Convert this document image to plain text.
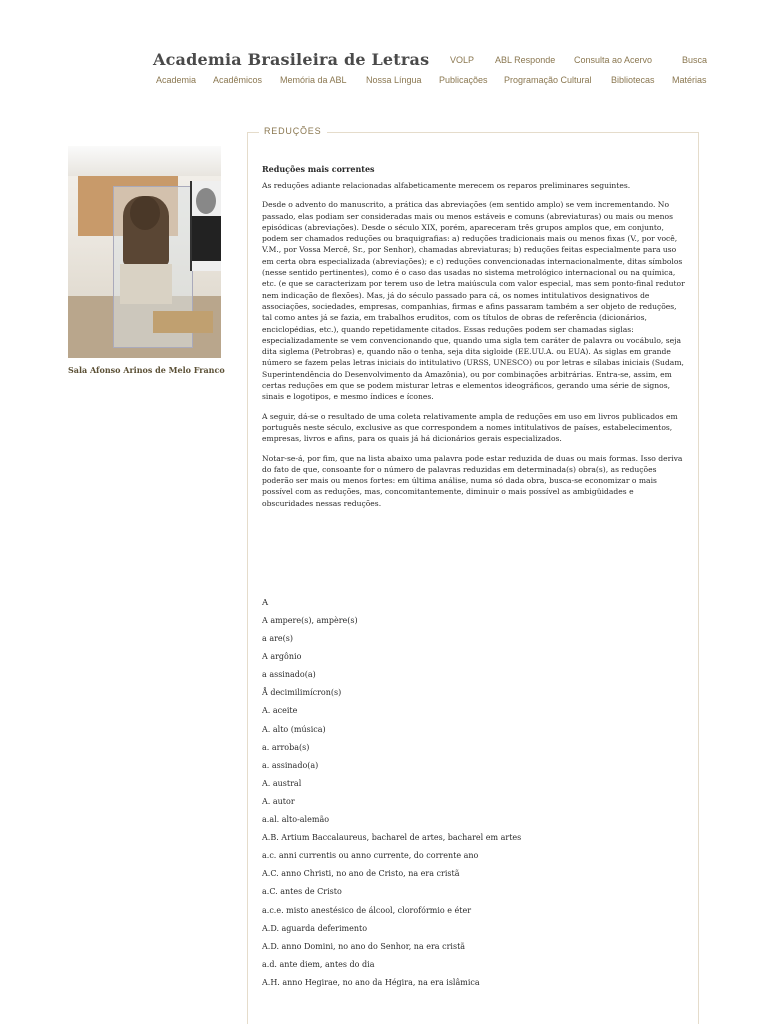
Academia Brasileira de Letras VOLP ABL Responde Consulta ao Acervo	Busca
Academia Acadêmicos Memória da ABL Nossa Língua Publicações Programação Cultural Bibliotecas Matérias
Sala Afonso Arinos de Melo Franco
REDUÇÕES
Reduções mais correntes

As reduções adiante relacionadas alfabeticamente merecem os reparos preliminares seguintes.

Desde o advento do manuscrito, a prática das abreviações (em sentido amplo) se vem incrementando. No passado, elas podiam ser consideradas mais ou menos estáveis e comuns (abreviaturas) ou mais ou menos episódicas (abreviações). Desde o século XIX, porém, apareceram três grupos amplos que, em conjunto, podem ser chamados reduções ou braquigrafias: a) reduções tradicionais mais ou menos fixas (V., por você, V.M., por Vossa Mercê, Sr., por Senhor), chamadas abreviaturas; b) reduções feitas especialmente para uso em certa obra especializada (abreviações); e c) reduções convencionadas internacionalmente, ditas símbolos (nesse sentido pertinentes), como é o caso das usadas no sistema metrológico internacional ou na química, etc. (e que se caracterizam por terem uso de letra maiúscula com valor especial, mas sem ponto-final redutor nem indicação de flexões). Mas, já do século passado para cá, os nomes intitulativos designativos de associações, sociedades, empresas, companhias, firmas e afins passaram também a ser objeto de reduções, tal como antes já se fazia, em trabalhos eruditos, com os títulos de obras de referência (dicionários, enciclopédias, etc.), quando repetidamente citados. Essas reduções podem ser chamadas siglas: especializadamente se vem convencionando que, quando uma sigla tem caráter de palavra ou vocábulo, seja dita siglema (Petrobras) e, quando não o tenha, seja dita sigloide (EE.UU.A. ou EUA). As siglas em grande número se fazem pelas letras iniciais do intitulativo (URSS, UNESCO) ou por letras e sílabas iniciais (Sudam, Superintendência do Desenvolvimento da Amazônia), ou por combinações arbitrárias. Entra-se, assim, em certas reduções em que se podem misturar letras e elementos ideográficos, gerando uma série de signos, sinais e logotipos, e mesmo índices e ícones.

A seguir, dá-se o resultado de uma coleta relativamente ampla de reduções em uso em livros publicados em português neste século, exclusive as que correspondem a nomes intitulativos de países, estabelecimentos, empresas, livros e afins, para os quais já há dicionários gerais especializados.

Notar-se-á, por fim, que na lista abaixo uma palavra pode estar reduzida de duas ou mais formas. Isso deriva do fato de que, consoante for o número de palavras reduzidas em determinada(s) obra(s), as reduções poderão ser mais ou menos fortes: em última análise, numa só dada obra, busca-se economizar o mais possível com as reduções, mas, concomitantemente, diminuir o mais possível as ambigüidades e obscuridades nessas reduções.

A
A ampere(s), ampère(s)
a are(s)
A argônio
a assinado(a)
Å decimilimícron(s)
A. aceite
A. alto (música)
a. arroba(s)
a. assinado(a)
A. austral
A. autor
a.al. alto-alemão
A.B. Artium Baccalaureus, bacharel de artes, bacharel em artes
a.c. anni currentis ou anno currente, do corrente ano
A.C. anno Christi, no ano de Cristo, na era cristã
a.C. antes de Cristo
a.c.e. misto anestésico de álcool, clorofórmio e éter
A.D. aguarda deferimento
A.D. anno Domini, no ano do Senhor, na era cristã
a.d. ante diem, antes do dia
A.H. anno Hegirae, no ano da Hégira, na era islâmica
